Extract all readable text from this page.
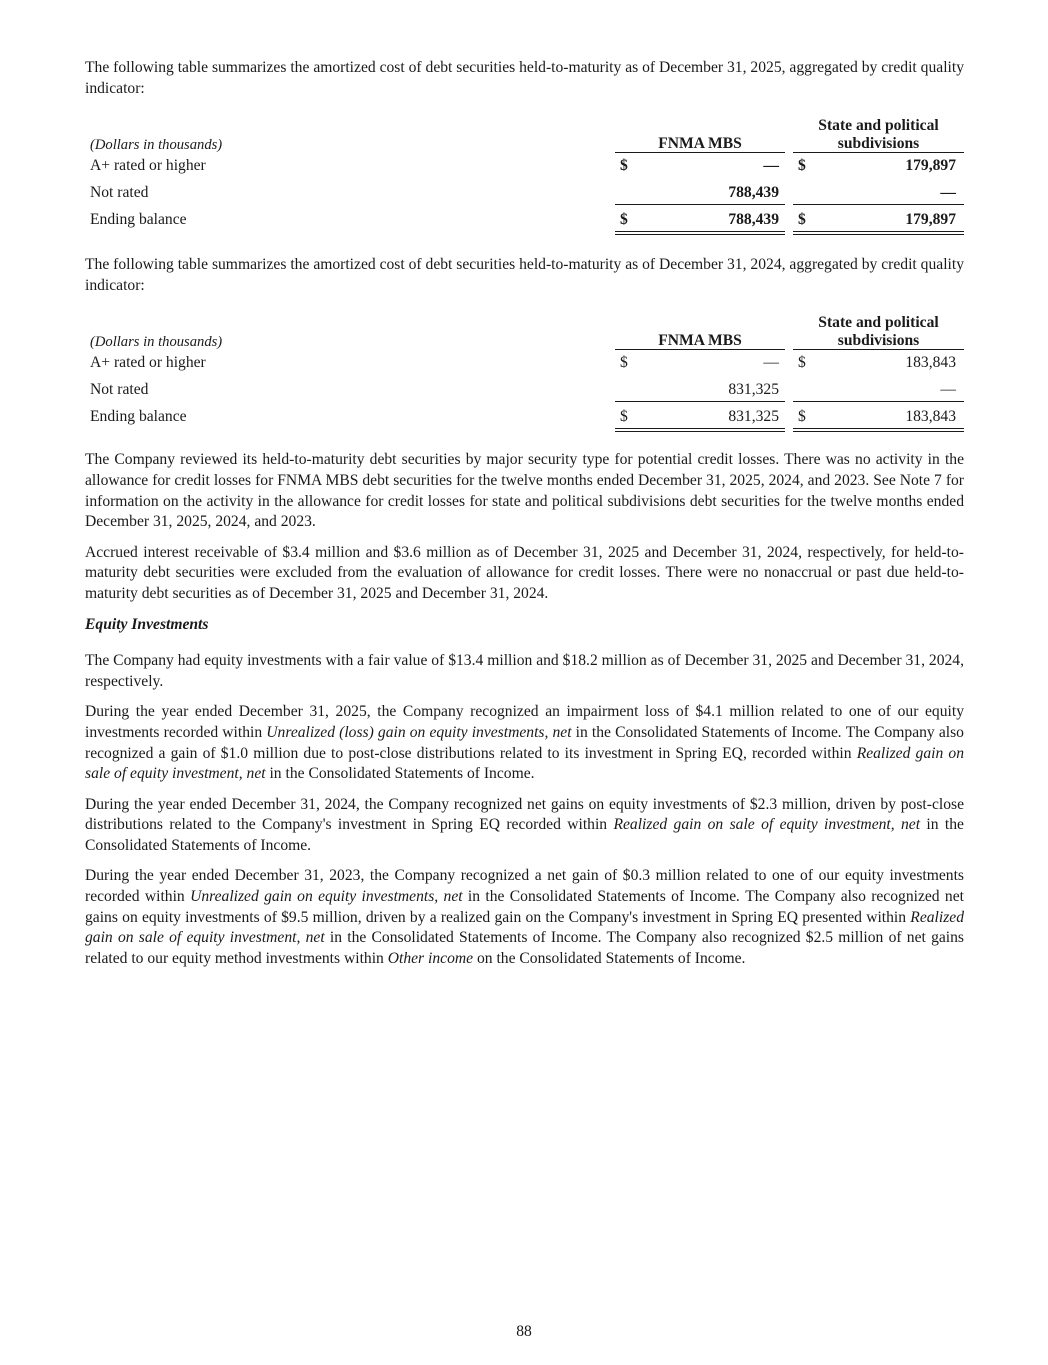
The following table summarizes the amortized cost of debt securities held-to-maturity as of December 31, 2025, aggregated by credit quality indicator:

(Dollars in thousands)	FNMA MBS
State and political
subdivisions
A+ rated or higher	$	— $	179,897
Not rated	788,439	—
Ending balance	$	788,439 $	179,897

The following table summarizes the amortized cost of debt securities held-to-maturity as of December 31, 2024, aggregated by credit quality indicator:

(Dollars in thousands)	FNMA MBS
State and political
subdivisions
A+ rated or higher	$	— $	183,843
Not rated	831,325	—
Ending balance	$	831,325 $	183,843

The Company reviewed its held-to-maturity debt securities by major security type for potential credit losses. There was no activity in the allowance for credit losses for FNMA MBS debt securities for the twelve months ended December 31, 2025, 2024, and 2023. See Note 7 for information on the activity in the allowance for credit losses for state and political subdivisions debt securities for the twelve months ended December 31, 2025, 2024, and 2023.

Accrued interest receivable of $3.4 million and $3.6 million as of December 31, 2025 and December 31, 2024, respectively, for held-to-maturity debt securities were excluded from the evaluation of allowance for credit losses. There were no nonaccrual or past due held-to-maturity debt securities as of December 31, 2025 and December 31, 2024.

Equity Investments

The Company had equity investments with a fair value of $13.4 million and $18.2 million as of December 31, 2025 and December 31, 2024, respectively.

During the year ended December 31, 2025, the Company recognized an impairment loss of $4.1 million related to one of our equity investments recorded within Unrealized (loss) gain on equity investments, net in the Consolidated Statements of Income. The Company also recognized a gain of $1.0 million due to post-close distributions related to its investment in Spring EQ, recorded within Realized gain on sale of equity investment, net in the Consolidated Statements of Income.

During the year ended December 31, 2024, the Company recognized net gains on equity investments of $2.3 million, driven by post-close distributions related to the Company's investment in Spring EQ recorded within Realized gain on sale of equity investment, net in the Consolidated Statements of Income.

During the year ended December 31, 2023, the Company recognized a net gain of $0.3 million related to one of our equity investments recorded within Unrealized gain on equity investments, net in the Consolidated Statements of Income. The Company also recognized net gains on equity investments of $9.5 million, driven by a realized gain on the Company's investment in Spring EQ presented within Realized gain on sale of equity investment, net in the Consolidated Statements of Income. The Company also recognized $2.5 million of net gains related to our equity method investments within Other income on the Consolidated Statements of Income.

88
